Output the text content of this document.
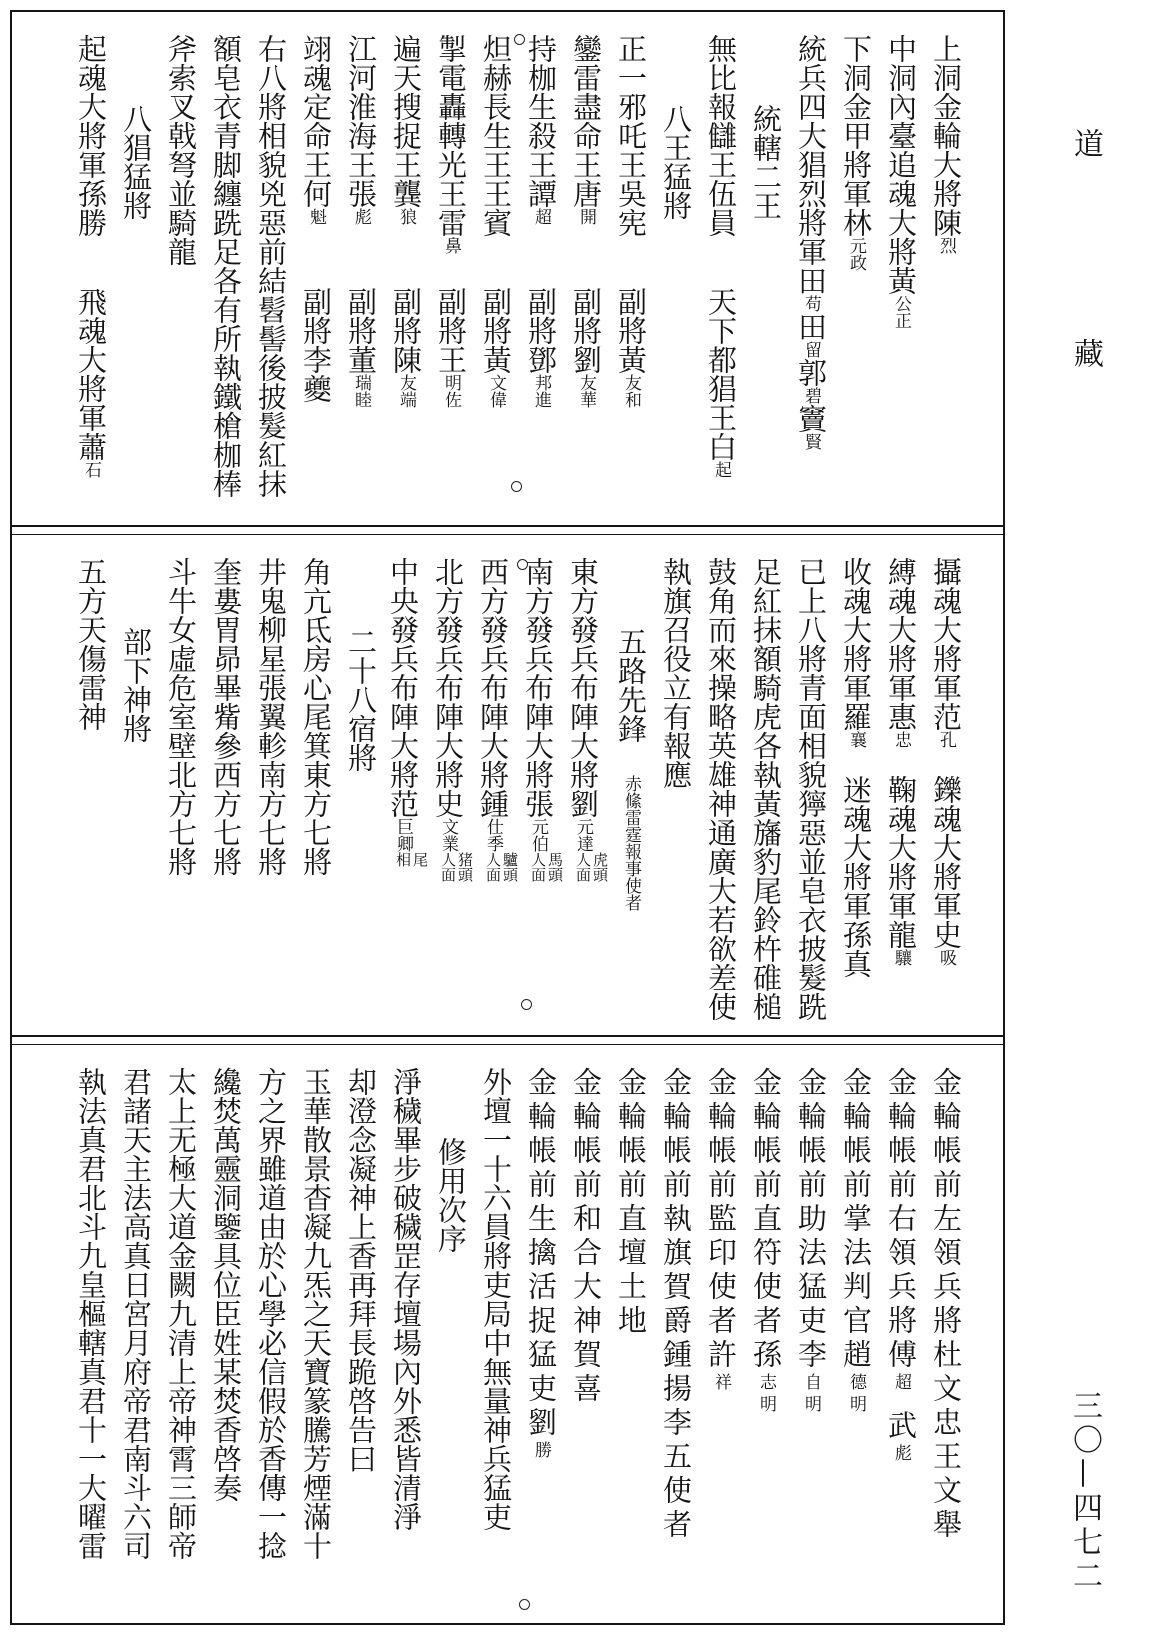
上洞金輪大將陳烈
中洞內臺追魂大將黃公正
下洞金甲將軍林元政
統兵四大猖烈將軍田苟田留郭碧竇賢
統轄二王
無比報讎王伍員
天下都猖王白起
八王猛將
正一邪吒王吳宪
副將黃友和
鑾雷盡命王唐開
副將劉友華
持枷生殺王譚超
副將鄧邦進
炟赫長生王王賓
副將黃文偉
掣電轟轉光王雷鼻
副將王明佐
遍天搜捉王龔狼
副將陳友端
江河淮海王張彪
副將董瑞睦
翊魂定命王何魁
副將李夔
右八將相貌兇惡前結髫髻後披髮紅抹
額皂衣青脚纏跣足各有所執鐵槍枷棒
斧索叉戟弩並騎龍
八猖猛將
起魂大將軍孫勝
飛魂大將軍蕭石
攝魂大將軍范孔
鑠魂大將軍史吸
縛魂大將軍惠忠
鞠魂大將軍龍驤
收魂大將軍羅襄
迷魂大將軍孫真
已上八將青面相貌獰惡並皂衣披髮跣
足紅抹額騎虎各執黃旛豹尾鈴杵碓槌
鼓角而來操略英雄神通廣大若欲差使
執旗召役立有報應
五路先鋒
赤絛雷霆報事使者
東方發兵布陣大將劉元達
虎頭
人面
南方發兵布陣大將張元伯
馬頭
人面
西方發兵布陣大將鍾仕季
驢頭
人面
北方發兵布陣大將史文業
猪頭
人面
中央發兵布陣大將范巨卿
尾
相
二十八宿將
角亢氐房心尾箕東方七將
井鬼柳星張翼軫南方七將
奎婁胃昴畢觜參西方七將
斗牛女虛危室壁北方七將
部下神將
五方天傷雷神
金輪帳前左領兵將杜文忠王文舉
金輪帳前右領兵將傅超
武彪
金輪帳前掌法判官趙德明
金輪帳前助法猛吏李自明
金輪帳前直符使者孫志明
金輪帳前監印使者許祥
金輪帳前執旗賀爵鍾揚李五使者
金輪帳前直壇土地
金輪帳前和合大神賀喜
金輪帳前生擒活捉猛吏劉勝
外壇一十六員將吏局中無量神兵猛吏
修用次序
淨穢畢步破穢罡存壇場內外悉皆清淨
却澄念凝神上香再拜長跪啓告曰
玉華散景杳凝九炁之天寶篆騰芳煙滿十
方之界雖道由於心學必信假於香傳一捻
纔焚萬靈洞鑒具位臣姓某焚香啓奏
太上无極大道金闕九清上帝神霄三師帝
君諸天主法高真日宮月府帝君南斗六司
執法真君北斗九皇樞轄真君十一大曜雷
道
藏
三〇—四七二
